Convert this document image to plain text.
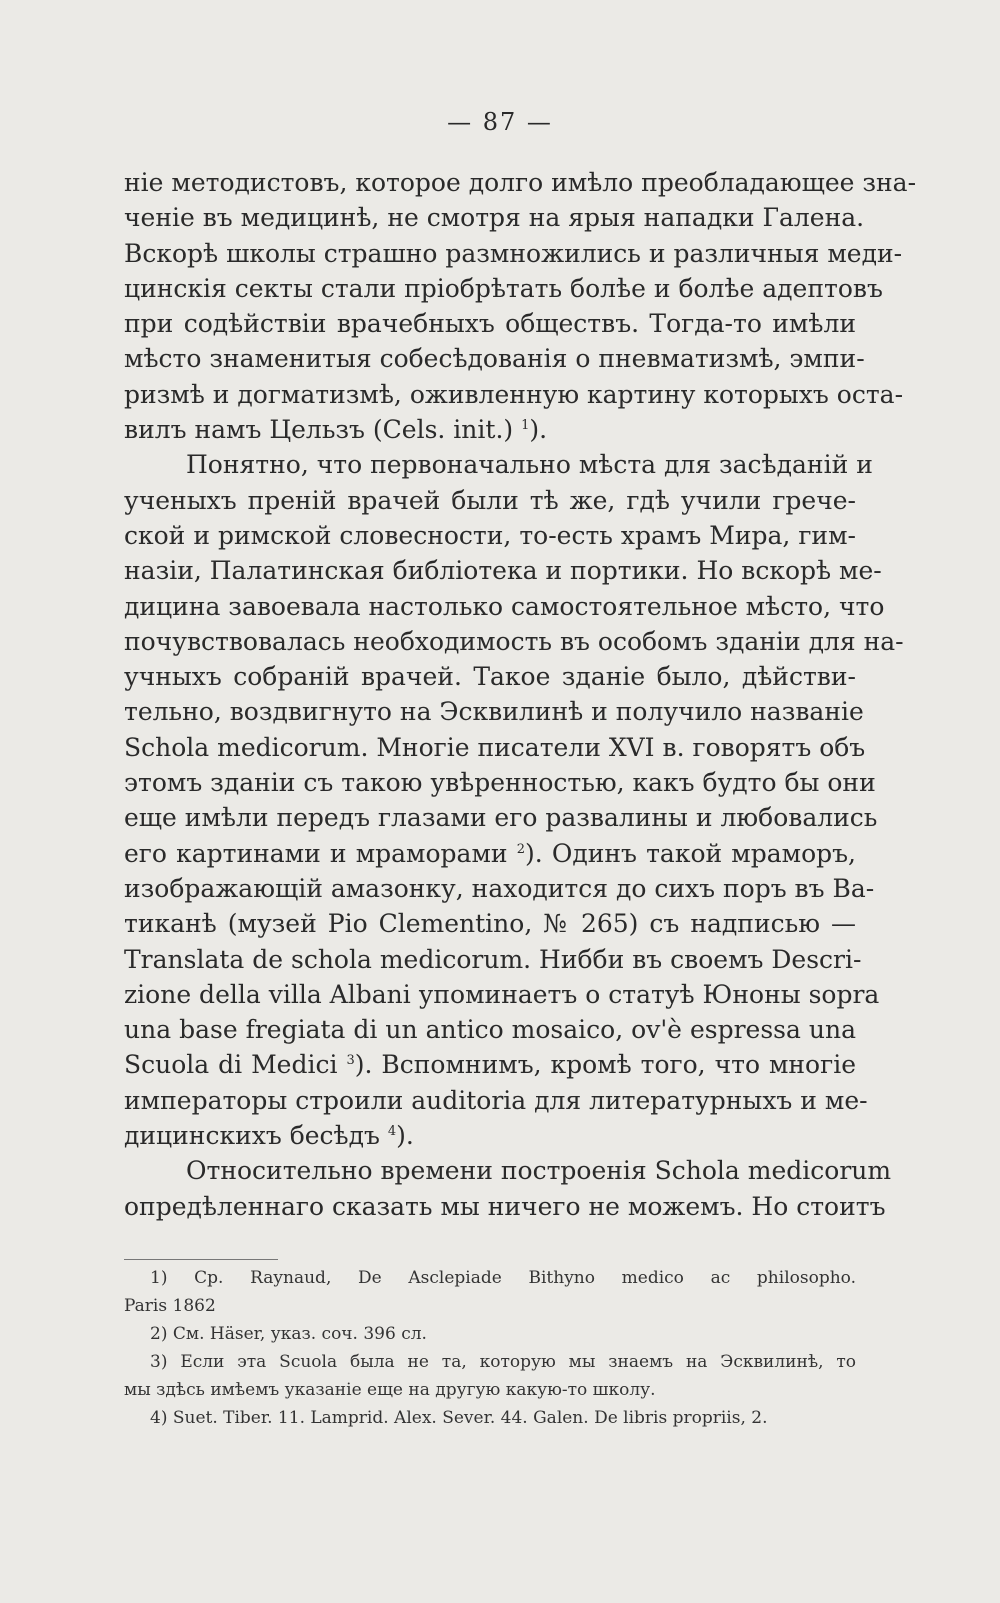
— 87 —
ніе методистовъ, которое долго имѣло преобладающее зна-
ченіе въ медицинѣ, не смотря на ярыя нападки Галена.
Вскорѣ школы страшно размножились и различныя меди-
цинскія секты стали пріобрѣтать болѣе и болѣе адептовъ
при содѣйствіи врачебныхъ обществъ. Тогда-то имѣли
мѣсто знаменитыя собесѣдованія о пневматизмѣ, эмпи-
ризмѣ и догматизмѣ, оживленную картину которыхъ оста-
вилъ намъ Цельзъ (Cels. init.) $^1$).
Понятно, что первоначально мѣста для засѣданій и
ученыхъ преній врачей были тѣ же, гдѣ учили грече-
ской и римской словесности, то-есть храмъ Мира, гим-
назіи, Палатинская библіотека и портики. Но вскорѣ ме-
дицина завоевала настолько самостоятельное мѣсто, что
почувствовалась необходимость въ особомъ зданіи для на-
учныхъ собраній врачей. Такое зданіе было, дѣйстви-
тельно, воздвигнуто на Эсквилинѣ и получило названіе
Schola medicorum. Многіе писатели XVI в. говорятъ объ
этомъ зданіи съ такою увѣренностью, какъ будто бы они
еще имѣли передъ глазами его развалины и любовались
его картинами и мраморами $^2$). Одинъ такой мраморъ,
изображающій амазонку, находится до сихъ поръ въ Ва-
тиканѣ (музей Pio Clementino, № 265) съ надписью —
Translata de schola medicorum. Нибби въ своемъ Descri-
zione della villa Albani упоминаетъ о статуѣ Юноны sopra
una base fregiata di un antico mosaico, ov'è espressa una
Scuola di Medici $^3$). Вспомнимъ, кромѣ того, что многіе
императоры строили auditoria для литературныхъ и ме-
дицинскихъ бесѣдъ $^4$).
Относительно времени построенія Schola medicorum
опредѣленнаго сказать мы ничего не можемъ. Но стоитъ
1) Ср. Raynaud, De Asclepiade Bithyno medico ac philosopho.
Paris 1862
2) См. Häser, указ. соч. 396 сл.
3) Если эта Scuola была не та, которую мы знаемъ на Эсквилинѣ, то
мы здѣсь имѣемъ указаніе еще на другую какую-то школу.
4) Suet. Tiber. 11. Lamprid. Alex. Sever. 44. Galen. De libris propriis, 2.
